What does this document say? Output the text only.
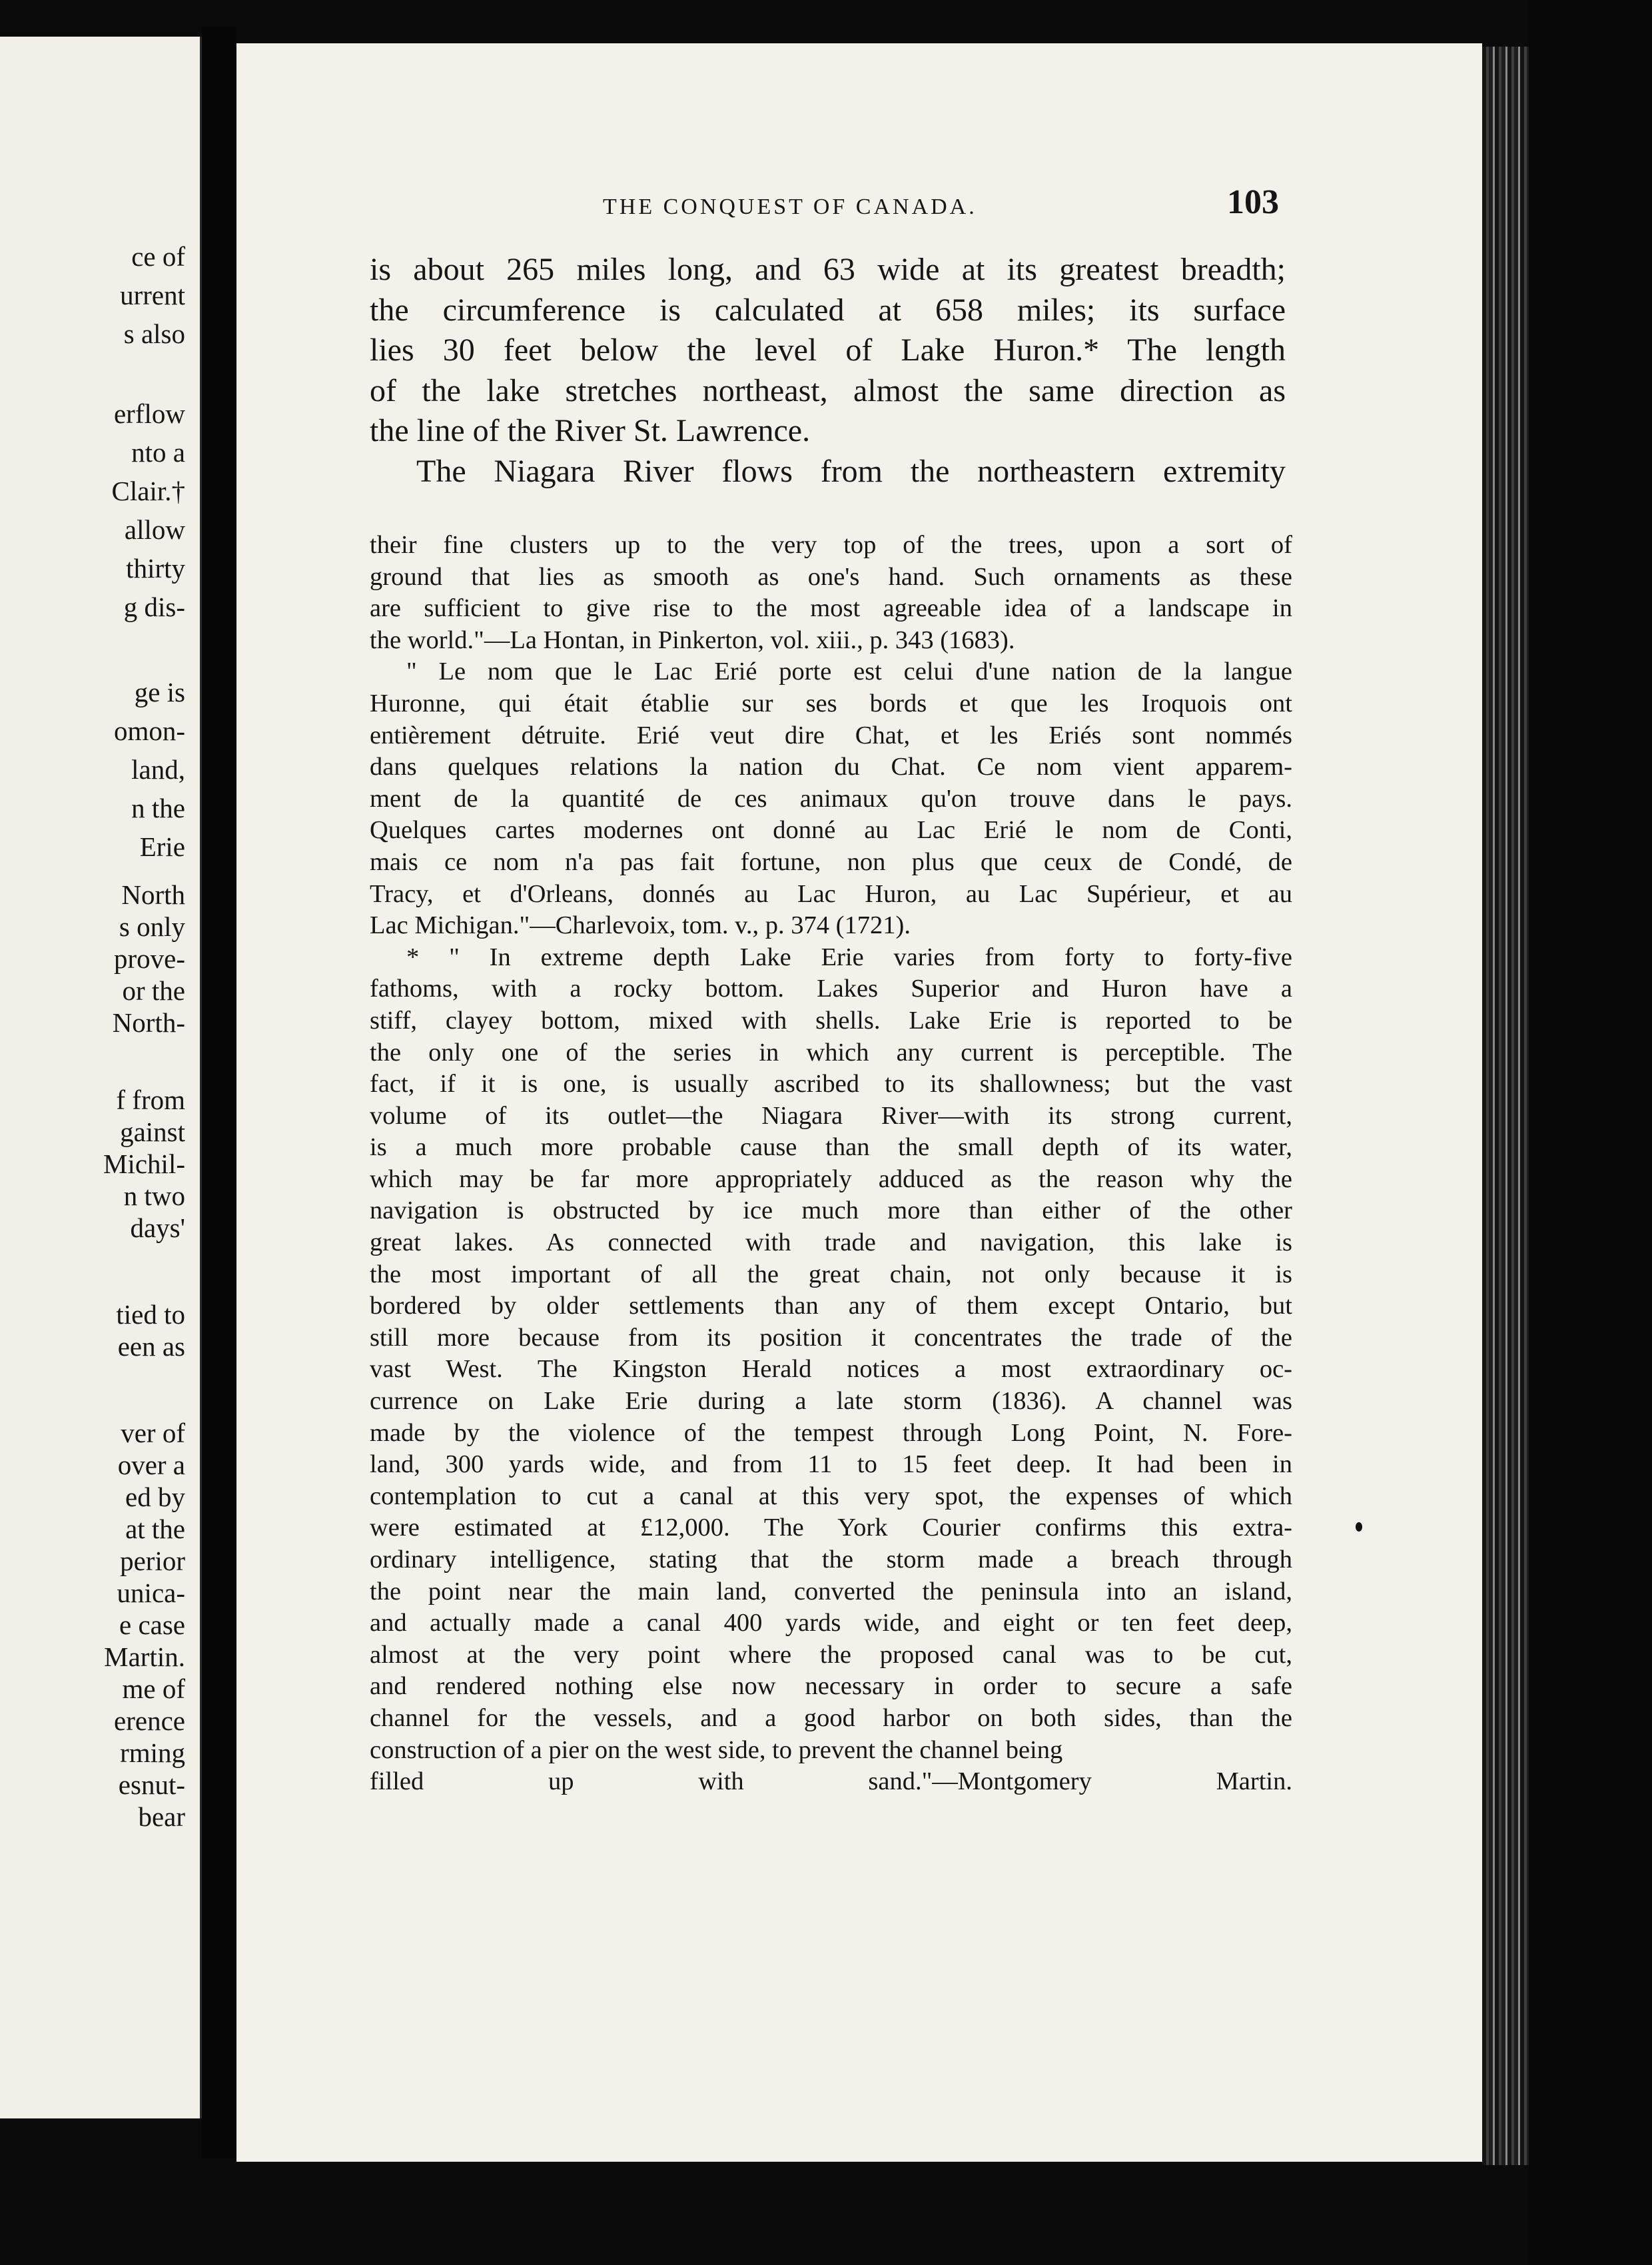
ce of
urrent
s also
erflow
nto a
Clair.†
allow
thirty
g dis-
ge is
omon-
land,
n the
Erie
North
s only
prove-
or the
North-
f from
gainst
Michil-
n two
days'
tied to
een as
ver of
over a
ed by
at the
perior
unica-
e case
Martin.
me of
erence
rming
esnut-
bear
THE CONQUEST OF CANADA.	103
is about 265 miles long, and 63 wide at its greatest breadth;
the circumference is calculated at 658 miles; its surface
lies 30 feet below the level of Lake Huron.* The length
of the lake stretches northeast, almost the same direction as
the line of the River St. Lawrence.
The Niagara River flows from the northeastern extremity
their fine clusters up to the very top of the trees, upon a sort of
ground that lies as smooth as one's hand. Such ornaments as these
are sufficient to give rise to the most agreeable idea of a landscape in
the world."—La Hontan, in Pinkerton, vol. xiii., p. 343 (1683).
" Le nom que le Lac Erié porte est celui d'une nation de la langue
Huronne, qui était établie sur ses bords et que les Iroquois ont
entièrement détruite. Erié veut dire Chat, et les Eriés sont nommés
dans quelques relations la nation du Chat. Ce nom vient apparem-
ment de la quantité de ces animaux qu'on trouve dans le pays.
Quelques cartes modernes ont donné au Lac Erié le nom de Conti,
mais ce nom n'a pas fait fortune, non plus que ceux de Condé, de
Tracy, et d'Orleans, donnés au Lac Huron, au Lac Supérieur, et au
Lac Michigan."—Charlevoix, tom. v., p. 374 (1721).
* " In extreme depth Lake Erie varies from forty to forty-five
fathoms, with a rocky bottom. Lakes Superior and Huron have a
stiff, clayey bottom, mixed with shells. Lake Erie is reported to be
the only one of the series in which any current is perceptible. The
fact, if it is one, is usually ascribed to its shallowness; but the vast
volume of its outlet—the Niagara River—with its strong current,
is a much more probable cause than the small depth of its water,
which may be far more appropriately adduced as the reason why the
navigation is obstructed by ice much more than either of the other
great lakes. As connected with trade and navigation, this lake is
the most important of all the great chain, not only because it is
bordered by older settlements than any of them except Ontario, but
still more because from its position it concentrates the trade of the
vast West. The Kingston Herald notices a most extraordinary oc-
currence on Lake Erie during a late storm (1836). A channel was
made by the violence of the tempest through Long Point, N. Fore-
land, 300 yards wide, and from 11 to 15 feet deep. It had been in
contemplation to cut a canal at this very spot, the expenses of which
were estimated at £12,000. The York Courier confirms this extra-
ordinary intelligence, stating that the storm made a breach through
the point near the main land, converted the peninsula into an island,
and actually made a canal 400 yards wide, and eight or ten feet deep,
almost at the very point where the proposed canal was to be cut,
and rendered nothing else now necessary in order to secure a safe
channel for the vessels, and a good harbor on both sides, than the
construction of a pier on the west side, to prevent the channel being
filled up with sand."—Montgomery Martin.
